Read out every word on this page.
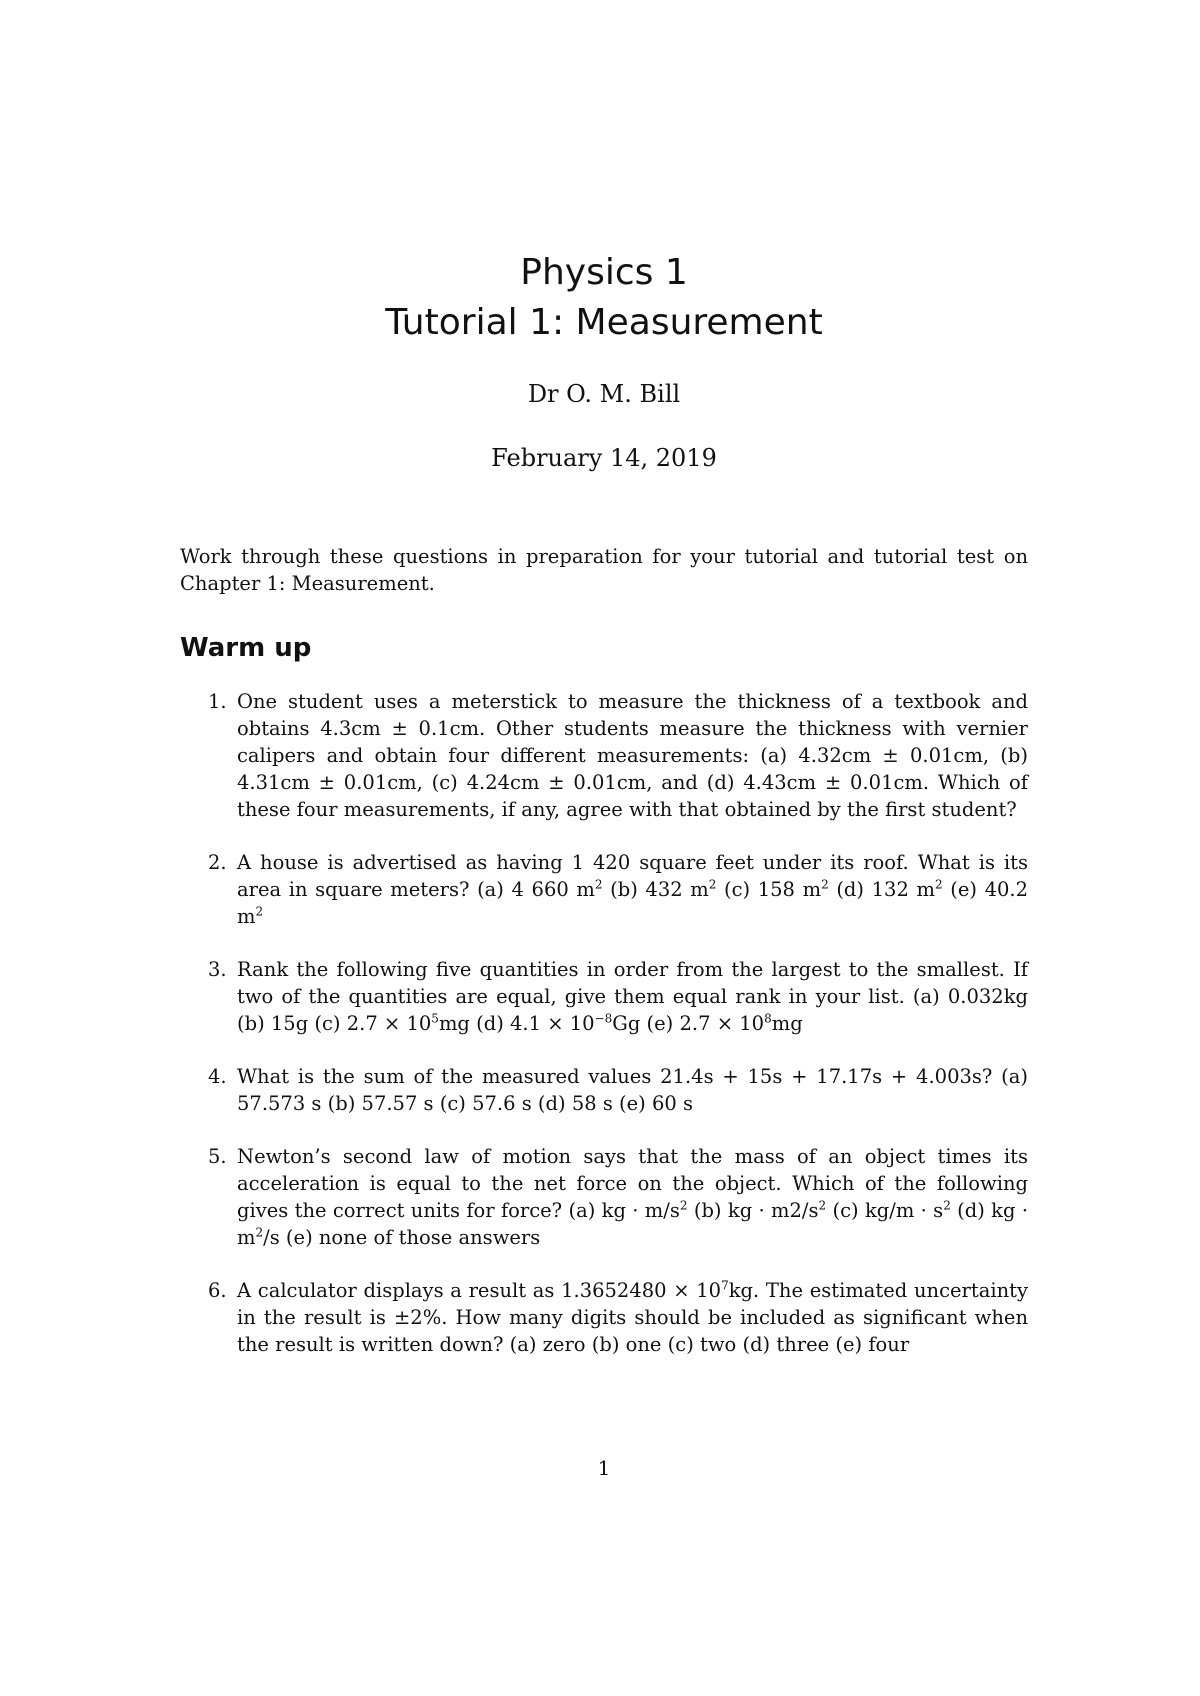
Physics 1
Tutorial 1: Measurement
Dr O. M. Bill
February 14, 2019
Work through these questions in preparation for your tutorial and tutorial test on Chapter 1: Measurement.
Warm up
1. One student uses a meterstick to measure the thickness of a textbook and obtains 4.3cm ± 0.1cm. Other students measure the thickness with vernier calipers and obtain four different measurements: (a) 4.32cm ± 0.01cm, (b) 4.31cm ± 0.01cm, (c) 4.24cm ± 0.01cm, and (d) 4.43cm ± 0.01cm. Which of these four measurements, if any, agree with that obtained by the first student?
2. A house is advertised as having 1 420 square feet under its roof. What is its area in square meters? (a) 4 660 $m^2$ (b) 432 $m^2$ (c) 158 $m^2$ (d) 132 $m^2$ (e) 40.2 $m^2$
3. Rank the following five quantities in order from the largest to the smallest. If two of the quantities are equal, give them equal rank in your list. (a) 0.032kg (b) 15g (c) $2.7 \times 10^5mg$ (d) $4.1 \times 10^{-8}Gg$ (e) $2.7 \times 10^8mg$
4. What is the sum of the measured values 21.4s + 15s + 17.17s + 4.003s? (a) 57.573 s (b) 57.57 s (c) 57.6 s (d) 58 s (e) 60 s
5. Newton’s second law of motion says that the mass of an object times its acceleration is equal to the net force on the object. Which of the following gives the correct units for force? (a) kg · $m/s^2$ (b) kg · $m2/s^2$ (c) $kg/m \cdot s^2$ (d) kg · $m^2/s$ (e) none of those answers
6. A calculator displays a result as $1.3652480 \times 10^7kg$. The estimated uncertainty in the result is ±2%. How many digits should be included as significant when the result is written down? (a) zero (b) one (c) two (d) three (e) four
1
